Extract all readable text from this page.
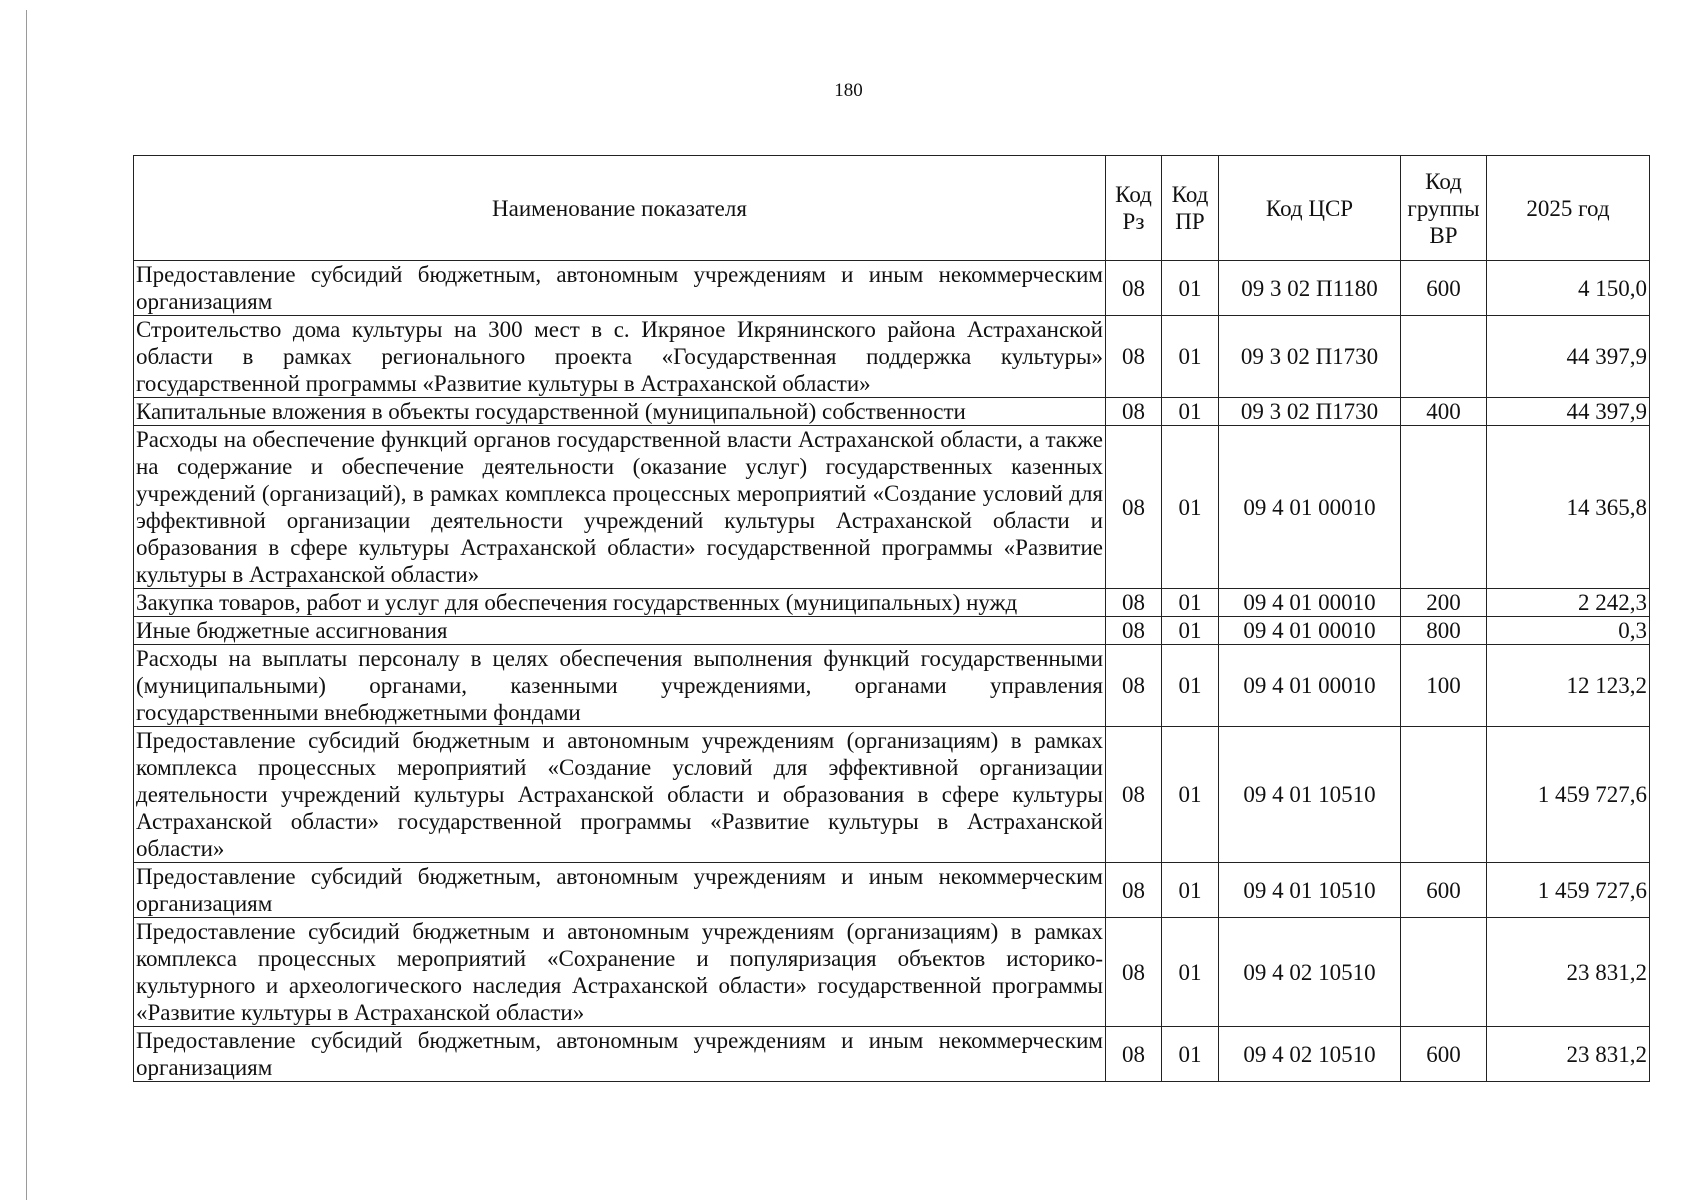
180
Наименование показателя	Код Рз	Код ПР	Код ЦСР	Код группы ВР	2025 год
Предоставление субсидий бюджетным, автономным учреждениям и иным некоммерческим организациям	08	01	09 3 02 П1180	600	4 150,0
Строительство дома культуры на 300 мест в с. Икряное Икрянинского района Астраханской области в рамках регионального проекта «Государственная поддержка культуры» государственной программы «Развитие культуры в Астраханской области»	08	01	09 3 02 П1730		44 397,9
Капитальные вложения в объекты государственной (муниципальной) собственности	08	01	09 3 02 П1730	400	44 397,9
Расходы на обеспечение функций органов государственной власти Астраханской области, а также на содержание и обеспечение деятельности (оказание услуг) государственных казенных учреждений (организаций), в рамках комплекса процессных мероприятий «Создание условий для эффективной организации деятельности учреждений культуры Астраханской области и образования в сфере культуры Астраханской области» государственной программы «Развитие культуры в Астраханской области»	08	01	09 4 01 00010		14 365,8
Закупка товаров, работ и услуг для обеспечения государственных (муниципальных) нужд	08	01	09 4 01 00010	200	2 242,3
Иные бюджетные ассигнования	08	01	09 4 01 00010	800	0,3
Расходы на выплаты персоналу в целях обеспечения выполнения функций государственными (муниципальными) органами, казенными учреждениями, органами управления государственными внебюджетными фондами	08	01	09 4 01 00010	100	12 123,2
Предоставление субсидий бюджетным и автономным учреждениям (организациям) в рамках комплекса процессных мероприятий «Создание условий для эффективной организации деятельности учреждений культуры Астраханской области и образования в сфере культуры Астраханской области» государственной программы «Развитие культуры в Астраханской области»	08	01	09 4 01 10510		1 459 727,6
Предоставление субсидий бюджетным, автономным учреждениям и иным некоммерческим организациям	08	01	09 4 01 10510	600	1 459 727,6
Предоставление субсидий бюджетным и автономным учреждениям (организациям) в рамках комплекса процессных мероприятий «Сохранение и популяризация объектов историко-культурного и археологического наследия Астраханской области» государственной программы «Развитие культуры в Астраханской области»	08	01	09 4 02 10510		23 831,2
Предоставление субсидий бюджетным, автономным учреждениям и иным некоммерческим организациям	08	01	09 4 02 10510	600	23 831,2
